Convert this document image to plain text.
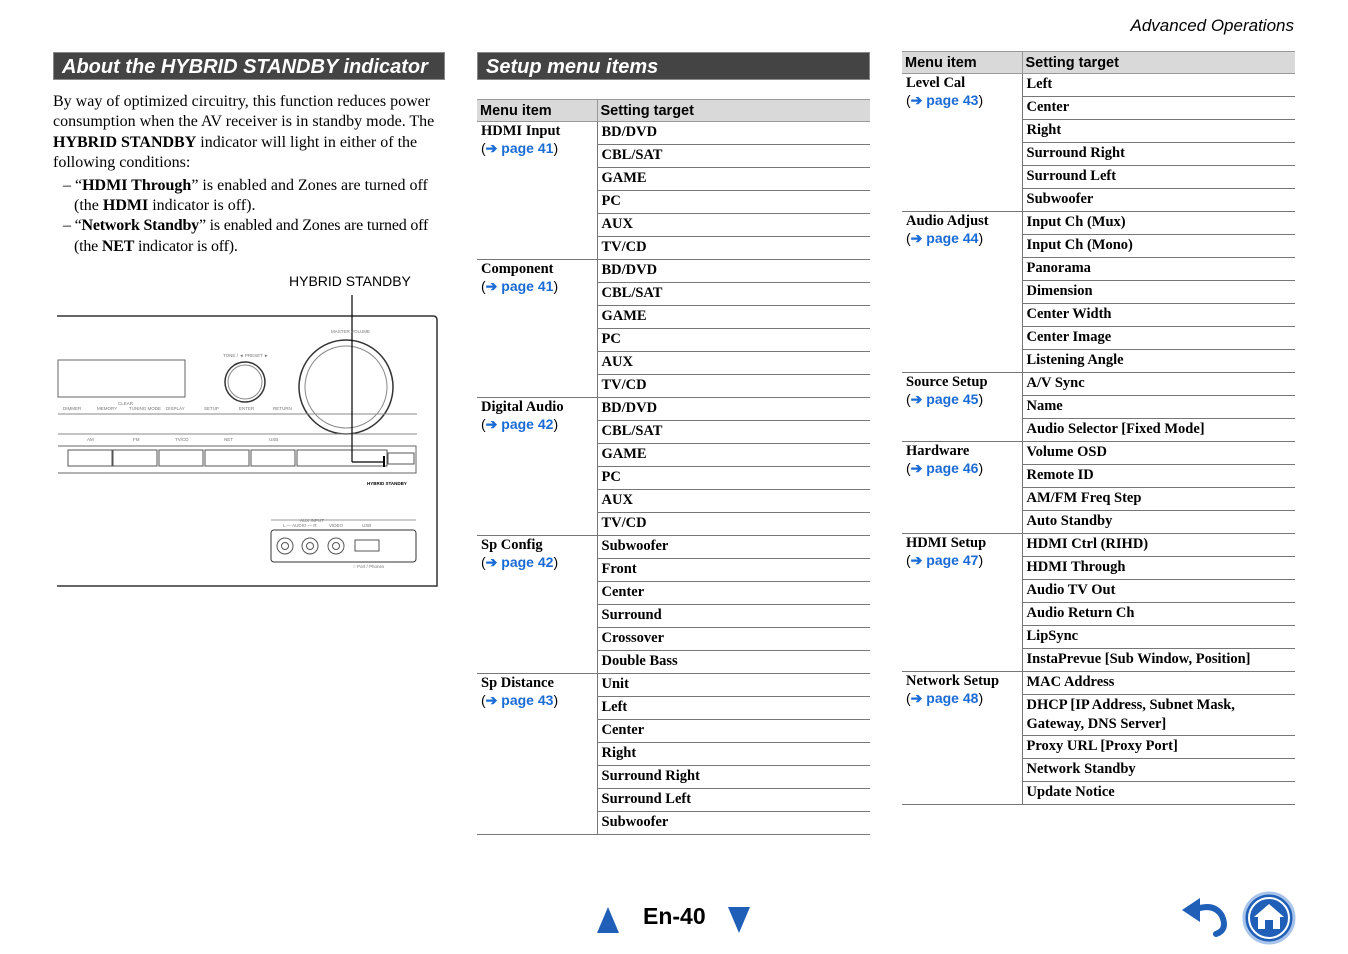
Advanced Operations
About the HYBRID STANDBY indicator

By way of optimized circuitry, this function reduces power consumption when the AV receiver is in standby mode. The HYBRID STANDBY indicator will light in either of the following conditions:

– “HDMI Through” is enabled and Zones are turned off (the HDMI indicator is off).
– “Network Standby” is enabled and Zones are turned off (the NET indicator is off).
HYBRID STANDBY
MASTER VOLUME
TONE / ◄ PRESET ►
CLEAR
DIMMER	MEMORY	TUNING MODE DISPLAY	SETUP	ENTER	RETURN
AM	FM	TV/CD	NET	USB
HYBRID STANDBY
AUX INPUT
L — AUDIO — R	VIDEO	USB
○ Port / Phones
Setup menu items
Menu item	Setting target

HDMI Input
(➔ page 41)	BD/DVD
	CBL/SAT
	GAME
	PC
	AUX
	TV/CD

Component
(➔ page 41)	BD/DVD
	CBL/SAT
	GAME
	PC
	AUX
	TV/CD

Digital Audio
(➔ page 42)	BD/DVD
	CBL/SAT
	GAME
	PC
	AUX
	TV/CD

Sp Config
(➔ page 42)	Subwoofer
	Front
	Center
	Surround
	Crossover
	Double Bass

Sp Distance
(➔ page 43)	Unit
	Left
	Center
	Right
	Surround Right
	Surround Left
	Subwoofer
Menu item	Setting target

Level Cal
(➔ page 43)	Left
	Center
	Right
	Surround Right
	Surround Left
	Subwoofer

Audio Adjust
(➔ page 44)	Input Ch (Mux)
	Input Ch (Mono)
	Panorama
	Dimension
	Center Width
	Center Image
	Listening Angle

Source Setup
(➔ page 45)	A/V Sync
	Name
	Audio Selector [Fixed Mode]

Hardware
(➔ page 46)	Volume OSD
	Remote ID
	AM/FM Freq Step
	Auto Standby

HDMI Setup
(➔ page 47)	HDMI Ctrl (RIHD)
	HDMI Through
	Audio TV Out
	Audio Return Ch
	LipSync
	InstaPrevue [Sub Window, Position]

Network Setup
(➔ page 48)	MAC Address
	DHCP [IP Address, Subnet Mask, Gateway, DNS Server]
	Proxy URL [Proxy Port]
	Network Standby
	Update Notice
En-40
